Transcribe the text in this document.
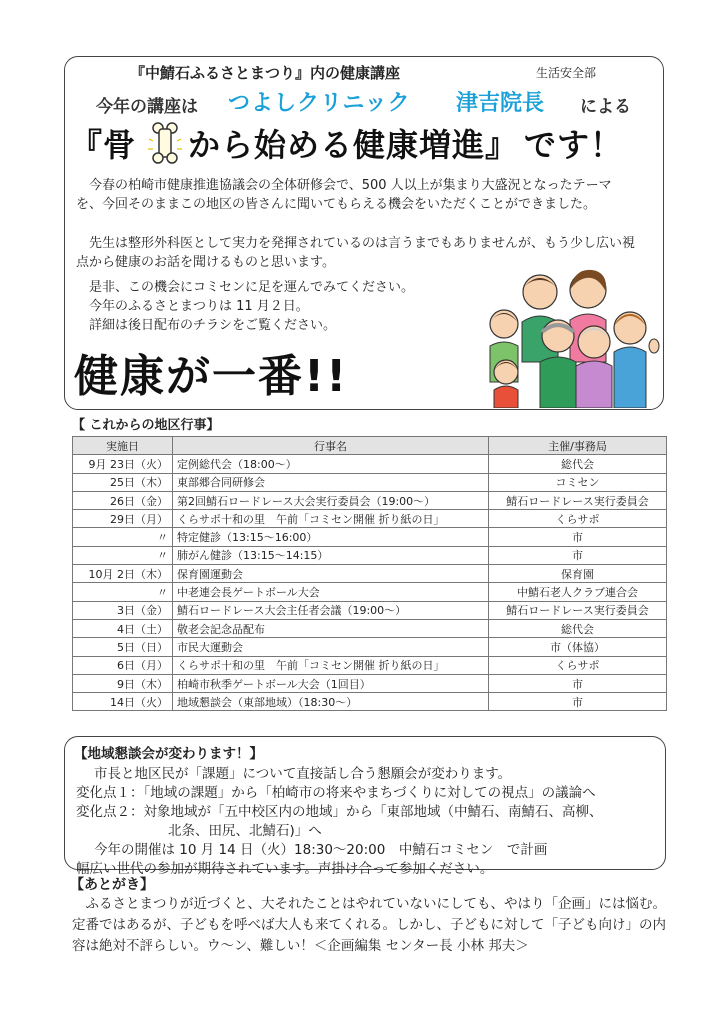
『中鯖石ふるさとまつり』内の健康講座	生活安全部
今年の講座は つよしクリニック 津吉院長 による
『骨 から始める健康増進』 です！
今春の柏崎市健康推進協議会の全体研修会で、500 人以上が集まり大盛況となったテーマを、今回そのままこの地区の皆さんに聞いてもらえる機会をいただくことができました。
先生は整形外科医として実力を発揮されているのは言うまでもありませんが、もう少し広い視点から健康のお話を聞けるものと思います。
是非、この機会にコミセンに足を運んでみてください。
今年のふるさとまつりは 11 月２日。
詳細は後日配布のチラシをご覧ください。
健康が一番!!
【 これからの地区行事】
実施日	行事名	主催/事務局
9月 23日（火）	定例総代会（18:00～）	総代会
25日（木）	東部郷合同研修会	コミセン
26日（金）	第2回鯖石ロードレース大会実行委員会（19:00～）	鯖石ロードレース実行委員会
29日（月）	くらサポ十和の里　午前「コミセン開催 折り紙の日」	くらサポ
〃	特定健診（13:15～16:00）	市
〃	肺がん健診（13:15～14:15）	市
10月 2日（木）	保育園運動会	保育園
〃	中老連会長ゲートボール大会	中鯖石老人クラブ連合会
3日（金）	鯖石ロードレース大会主任者会議（19:00～）	鯖石ロードレース実行委員会
4日（土）	敬老会記念品配布	総代会
5日（日）	市民大運動会	市（体協）
6日（月）	くらサポ十和の里　午前「コミセン開催 折り紙の日」	くらサポ
9日（木）	柏崎市秋季ゲートボール大会（1回目）	市
14日（火）	地域懇談会（東部地域）（18:30～）	市
【地域懇談会が変わります！】
市長と地区民が「課題」について直接話し合う懇願会が変わります。
変化点１：「地域の課題」から「柏崎市の将来やまちづくりに対しての視点」の議論へ
変化点２：対象地域が「五中校区内の地域」から「東部地域（中鯖石、南鯖石、高柳、
北条、田尻、北鯖石)」へ
今年の開催は 10 月 14 日（火）18:30～20:00　中鯖石コミセン　で計画
幅広い世代の参加が期待されています。声掛け合って参加ください。
【あとがき】
ふるさとまつりが近づくと、大それたことはやれていないにしても、やはり「企画」には悩む。定番ではあるが、子どもを呼べば大人も来てくれる。しかし、子どもに対して「子ども向け」の内容は絶対不評らしい。ウ～ン、難しい！＜企画編集 センター長 小林 邦夫＞
